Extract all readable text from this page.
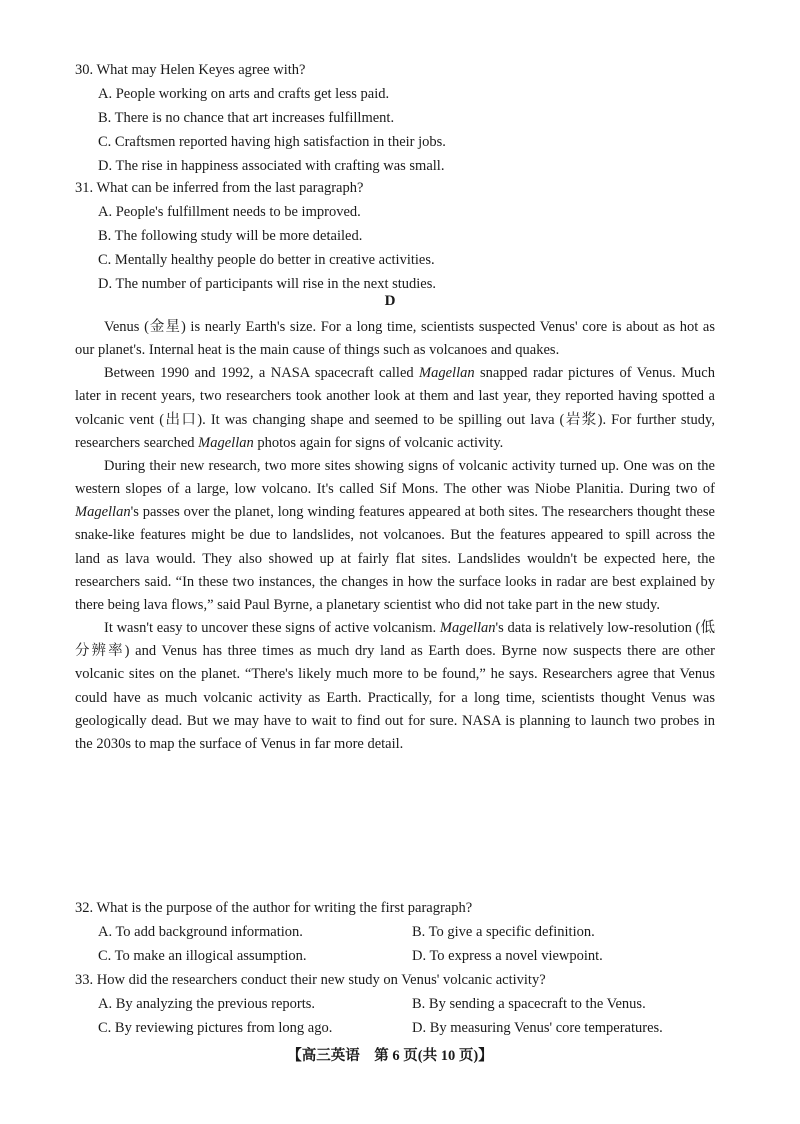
30. What may Helen Keyes agree with?

A. People working on arts and crafts get less paid.

B. There is no chance that art increases fulfillment.

C. Craftsmen reported having high satisfaction in their jobs.

D. The rise in happiness associated with crafting was small.

31. What can be inferred from the last paragraph?

A. People's fulfillment needs to be improved.

B. The following study will be more detailed.

C. Mentally healthy people do better in creative activities.

D. The number of participants will rise in the next studies.

D

Venus (金星) is nearly Earth's size. For a long time, scientists suspected Venus' core is about as hot as our planet's. Internal heat is the main cause of things such as volcanoes and quakes.

Between 1990 and 1992, a NASA spacecraft called Magellan snapped radar pictures of Venus. Much later in recent years, two researchers took another look at them and last year, they reported having spotted a volcanic vent (出口). It was changing shape and seemed to be spilling out lava (岩浆). For further study, researchers searched Magellan photos again for signs of volcanic activity.

During their new research, two more sites showing signs of volcanic activity turned up. One was on the western slopes of a large, low volcano. It's called Sif Mons. The other was Niobe Planitia. During two of Magellan's passes over the planet, long winding features appeared at both sites. The researchers thought these snake-like features might be due to landslides, not volcanoes. But the features appeared to spill across the land as lava would. They also showed up at fairly flat sites. Landslides wouldn't be expected here, the researchers said. “In these two instances, the changes in how the surface looks in radar are best explained by there being lava flows,” said Paul Byrne, a planetary scientist who did not take part in the new study.

It wasn't easy to uncover these signs of active volcanism. Magellan's data is relatively low-resolution (低分辨率) and Venus has three times as much dry land as Earth does. Byrne now suspects there are other volcanic sites on the planet. “There's likely much more to be found,” he says. Researchers agree that Venus could have as much volcanic activity as Earth. Practically, for a long time, scientists thought Venus was geologically dead. But we may have to wait to find out for sure. NASA is planning to launch two probes in the 2030s to map the surface of Venus in far more detail.

32. What is the purpose of the author for writing the first paragraph?

A. To add background information.	B. To give a specific definition.

C. To make an illogical assumption.	D. To express a novel viewpoint.

33. How did the researchers conduct their new study on Venus' volcanic activity?

A. By analyzing the previous reports.	B. By sending a spacecraft to the Venus.

C. By reviewing pictures from long ago.	D. By measuring Venus' core temperatures.

【高三英语　第 6 页(共 10 页)】
